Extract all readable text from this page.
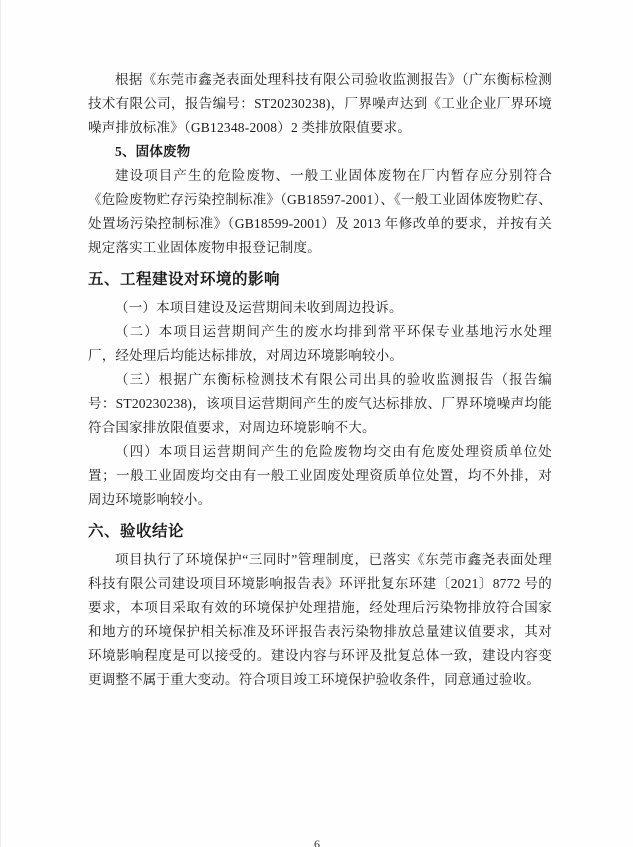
根据《东莞市鑫尧表面处理科技有限公司验收监测报告》（广东衡标检测技术有限公司，报告编号：ST20230238)，厂界噪声达到《工业企业厂界环境噪声排放标准》（GB12348-2008）2 类排放限值要求。

5、固体废物

建设项目产生的危险废物、一般工业固体废物在厂内暂存应分别符合《危险废物贮存污染控制标准》（GB18597-2001）、《一般工业固体废物贮存、处置场污染控制标准》（GB18599-2001）及 2013 年修改单的要求，并按有关规定落实工业固体废物申报登记制度。

五、工程建设对环境的影响

（一）本项目建设及运营期间未收到周边投诉。

（二）本项目运营期间产生的废水均排到常平环保专业基地污水处理厂，经处理后均能达标排放，对周边环境影响较小。

（三）根据广东衡标检测技术有限公司出具的验收监测报告（报告编号：ST20230238)，该项目运营期间产生的废气达标排放、厂界环境噪声均能符合国家排放限值要求，对周边环境影响不大。

（四）本项目运营期间产生的危险废物均交由有危废处理资质单位处置；一般工业固废均交由有一般工业固废处理资质单位处置，均不外排，对周边环境影响较小。

六、验收结论

项目执行了环境保护“三同时”管理制度，已落实《东莞市鑫尧表面处理科技有限公司建设项目环境影响报告表》环评批复东环建〔2021〕8772 号的要求，本项目采取有效的环境保护处理措施，经处理后污染物排放符合国家和地方的环境保护相关标准及环评报告表污染物排放总量建议值要求，其对环境影响程度是可以接受的。建设内容与环评及批复总体一致，建设内容变更调整不属于重大变动。符合项目竣工环境保护验收条件，同意通过验收。

6
